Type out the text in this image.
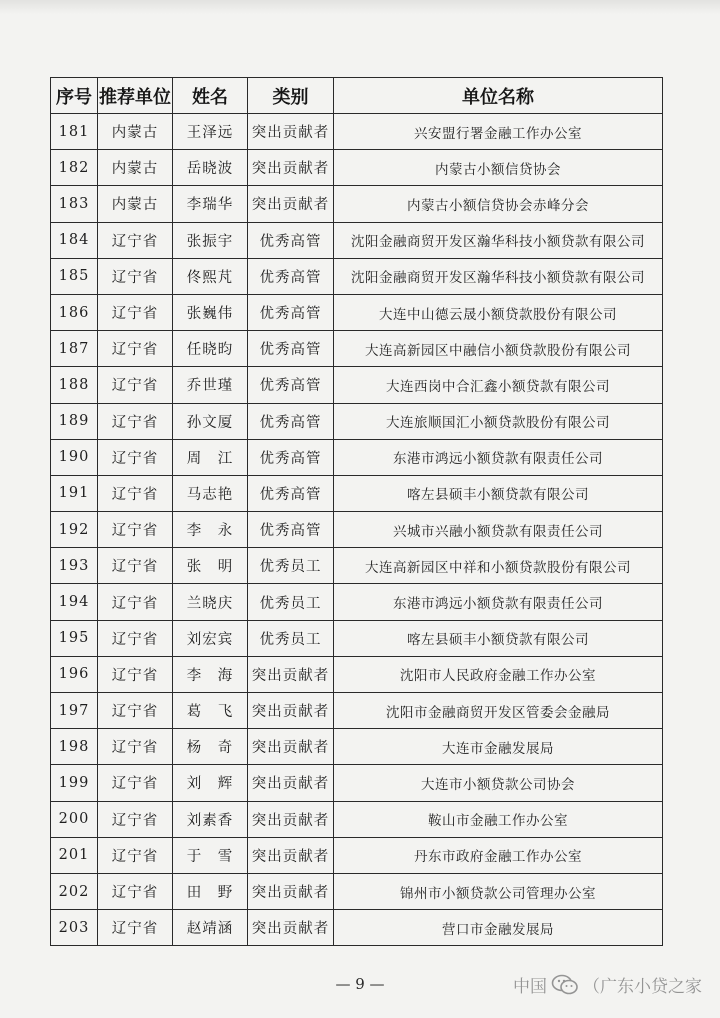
序号	推荐单位	姓名	类别	单位名称
181	内蒙古	王泽远	突出贡献者	兴安盟行署金融工作办公室
182	内蒙古	岳晓波	突出贡献者	内蒙古小额信贷协会
183	内蒙古	李瑞华	突出贡献者	内蒙古小额信贷协会赤峰分会
184	辽宁省	张振宇	优秀高管	沈阳金融商贸开发区瀚华科技小额贷款有限公司
185	辽宁省	佟熙芃	优秀高管	沈阳金融商贸开发区瀚华科技小额贷款有限公司
186	辽宁省	张巍伟	优秀高管	大连中山德云晟小额贷款股份有限公司
187	辽宁省	任晓昀	优秀高管	大连高新园区中融信小额贷款股份有限公司
188	辽宁省	乔世瑾	优秀高管	大连西岗中合汇鑫小额贷款有限公司
189	辽宁省	孙文厦	优秀高管	大连旅顺国汇小额贷款股份有限公司
190	辽宁省	周　江	优秀高管	东港市鸿远小额贷款有限责任公司
191	辽宁省	马志艳	优秀高管	喀左县硕丰小额贷款有限公司
192	辽宁省	李　永	优秀高管	兴城市兴融小额贷款有限责任公司
193	辽宁省	张　明	优秀员工	大连高新园区中祥和小额贷款股份有限公司
194	辽宁省	兰晓庆	优秀员工	东港市鸿远小额贷款有限责任公司
195	辽宁省	刘宏宾	优秀员工	喀左县硕丰小额贷款有限公司
196	辽宁省	李　海	突出贡献者	沈阳市人民政府金融工作办公室
197	辽宁省	葛　飞	突出贡献者	沈阳市金融商贸开发区管委会金融局
198	辽宁省	杨　奇	突出贡献者	大连市金融发展局
199	辽宁省	刘　辉	突出贡献者	大连市小额贷款公司协会
200	辽宁省	刘素香	突出贡献者	鞍山市金融工作办公室
201	辽宁省	于　雪	突出贡献者	丹东市政府金融工作办公室
202	辽宁省	田　野	突出贡献者	锦州市小额贷款公司管理办公室
203	辽宁省	赵靖涵	突出贡献者	营口市金融发展局
— 9 —	中国 （广东小贷之家
